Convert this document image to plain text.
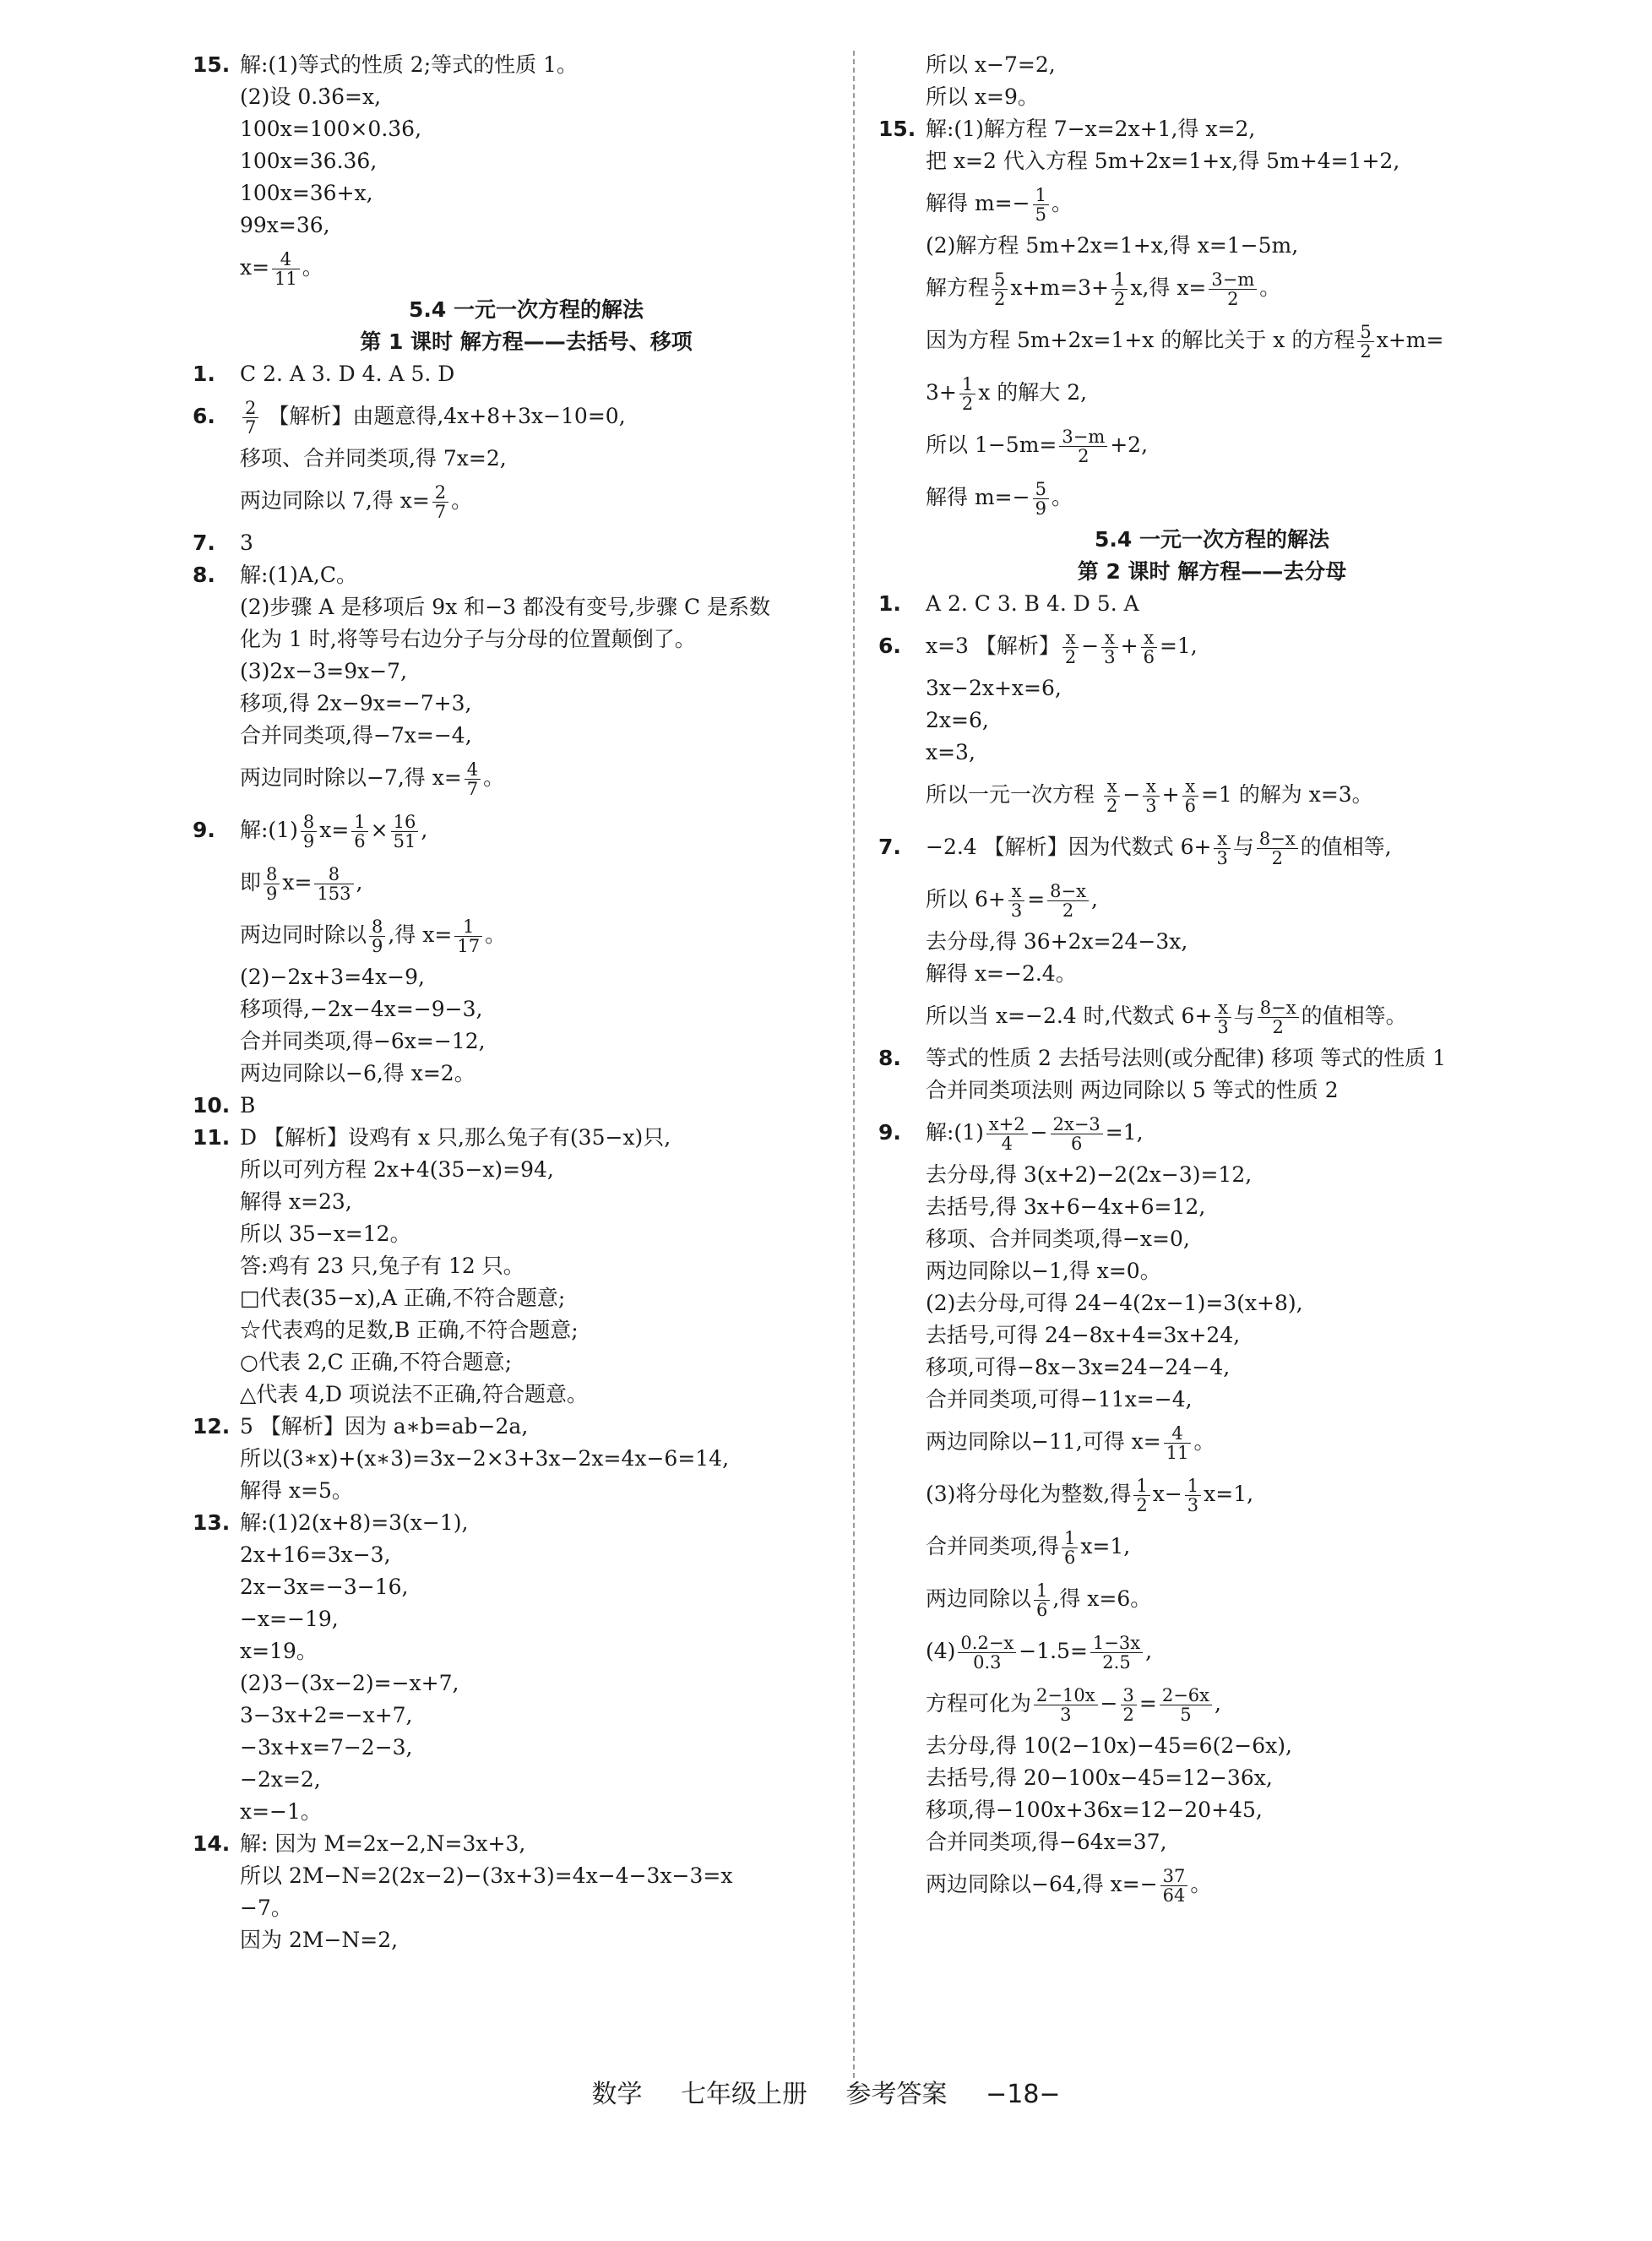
15. 解:(1)等式的性质 2;等式的性质 1。
(2)设 0.3̇6̇=x,
100x=100×0.3̇6̇,
100x=36.3̇6̇,
100x=36+x,
99x=36,
$x= \frac{4}{11}$ 。
5.4 一元一次方程的解法
第 1 课时 解方程——去括号、移项
1.	C 2. A 3. D 4. A 5. D
6.	$\frac{2}{7}$ 【解析】由题意得,4x+8+3x−10=0,
移项、合并同类项,得 7x=2,
两边同除以 7,得 $x= \frac{2}{7}$ 。
7.	3
8.	解:(1)A,C。
(2)步骤 A 是移项后 9x 和−3 都没有变号,步骤 C 是系数
化为 1 时,将等号右边分子与分母的位置颠倒了。
(3)2x−3=9x−7,
移项,得 2x−9x=−7+3,
合并同类项,得−7x=−4,
两边同时除以−7,得 $x= \frac{4}{7}$ 。
9.	解:(1) $\frac{8}{9} x= \frac{1}{6} \times \frac{16}{51}$ ,
即 $\frac{8}{9} x= \frac{8}{153}$ ,
两边同时除以 $\frac{8}{9}$ ,得 $x= \frac{1}{17}$ 。
(2)−2x+3=4x−9,
移项得,−2x−4x=−9−3,
合并同类项,得−6x=−12,
两边同除以−6,得 x=2。
10. B
11. D 【解析】设鸡有 x 只,那么兔子有(35−x)只,
所以可列方程 2x+4(35−x)=94,
解得 x=23,
所以 35−x=12。
答:鸡有 23 只,兔子有 12 只。
□代表(35−x),A 正确,不符合题意;
☆代表鸡的足数,B 正确,不符合题意;
○代表 2,C 正确,不符合题意;
△代表 4,D 项说法不正确,符合题意。
12. 5 【解析】因为 a∗b=ab−2a,
所以(3∗x)+(x∗3)=3x−2×3+3x−2x=4x−6=14,
解得 x=5。
13. 解:(1)2(x+8)=3(x−1),
2x+16=3x−3,
2x−3x=−3−16,
−x=−19,
x=19。
(2)3−(3x−2)=−x+7,
3−3x+2=−x+7,
−3x+x=7−2−3,
−2x=2,
x=−1。
14. 解: 因为 M=2x−2,N=3x+3,
所以 2M−N=2(2x−2)−(3x+3)=4x−4−3x−3=x
−7。
因为 2M−N=2,
所以 x−7=2,
所以 x=9。
15. 解:(1)解方程 7−x=2x+1,得 x=2,
把 x=2 代入方程 5m+2x=1+x,得 5m+4=1+2,
解得 $m=- \frac{1}{5}$ 。
(2)解方程 5m+2x=1+x,得 x=1−5m,
解方程 $\frac{5}{2} x+m=3+ \frac{1}{2} x$,得 $x= \frac{3-m}{2}$ 。
因为方程 5m+2x=1+x 的解比关于 x 的方程 $\frac{5}{2} x+m=$
$3+ \frac{1}{2}$ x 的解大 2,
所以 $1-5m= \frac{3-m}{2} +2$,
解得 $m=- \frac{5}{9}$ 。
5.4 一元一次方程的解法
第 2 课时 解方程——去分母
1.	A 2. C 3. B 4. D 5. A
6.	x=3 【解析】 $\frac{x}{2} - \frac{x}{3} + \frac{x}{6} =1$,
3x−2x+x=6,
2x=6,
x=3,
所以一元一次方程 $\frac{x}{2} - \frac{x}{3} + \frac{x}{6} =1$ 的解为 x=3。
7.	−2.4 【解析】因为代数式 $6+ \frac{x}{3}$ 与 $\frac{8-x}{2}$ 的值相等,
所以 $6+ \frac{x}{3} = \frac{8-x}{2}$ ,
去分母,得 36+2x=24−3x,
解得 x=−2.4。
所以当 x=−2.4 时,代数式 $6+ \frac{x}{3}$ 与 $\frac{8-x}{2}$ 的值相等。
8.	等式的性质 2 去括号法则(或分配律) 移项 等式的性质 1
合并同类项法则 两边同除以 5 等式的性质 2
9.	解:(1) $\frac{x+2}{4} - \frac{2x-3}{6} =1$,
去分母,得 3(x+2)−2(2x−3)=12,
去括号,得 3x+6−4x+6=12,
移项、合并同类项,得−x=0,
两边同除以−1,得 x=0。
(2)去分母,可得 24−4(2x−1)=3(x+8),
去括号,可得 24−8x+4=3x+24,
移项,可得−8x−3x=24−24−4,
合并同类项,可得−11x=−4,
两边同除以−11,可得 $x= \frac{4}{11}$ 。
(3)将分母化为整数,得 $\frac{1}{2} x- \frac{1}{3} x=1$,
合并同类项,得 $\frac{1}{6} x=1$,
两边同除以 $\frac{1}{6}$ ,得 x=6。
$(4) \frac{0.2-x}{0.3} -1.5= \frac{1-3x}{2.5}$ ,
方程可化为 $\frac{2-10x}{3} - \frac{3}{2} = \frac{2-6x}{5}$ ,
去分母,得 10(2−10x)−45=6(2−6x),
去括号,得 20−100x−45=12−36x,
移项,得−100x+36x=12−20+45,
合并同类项,得−64x=37,
两边同除以−64,得 $x=- \frac{37}{64}$ 。
数学 七年级上册 参考答案 −18−
